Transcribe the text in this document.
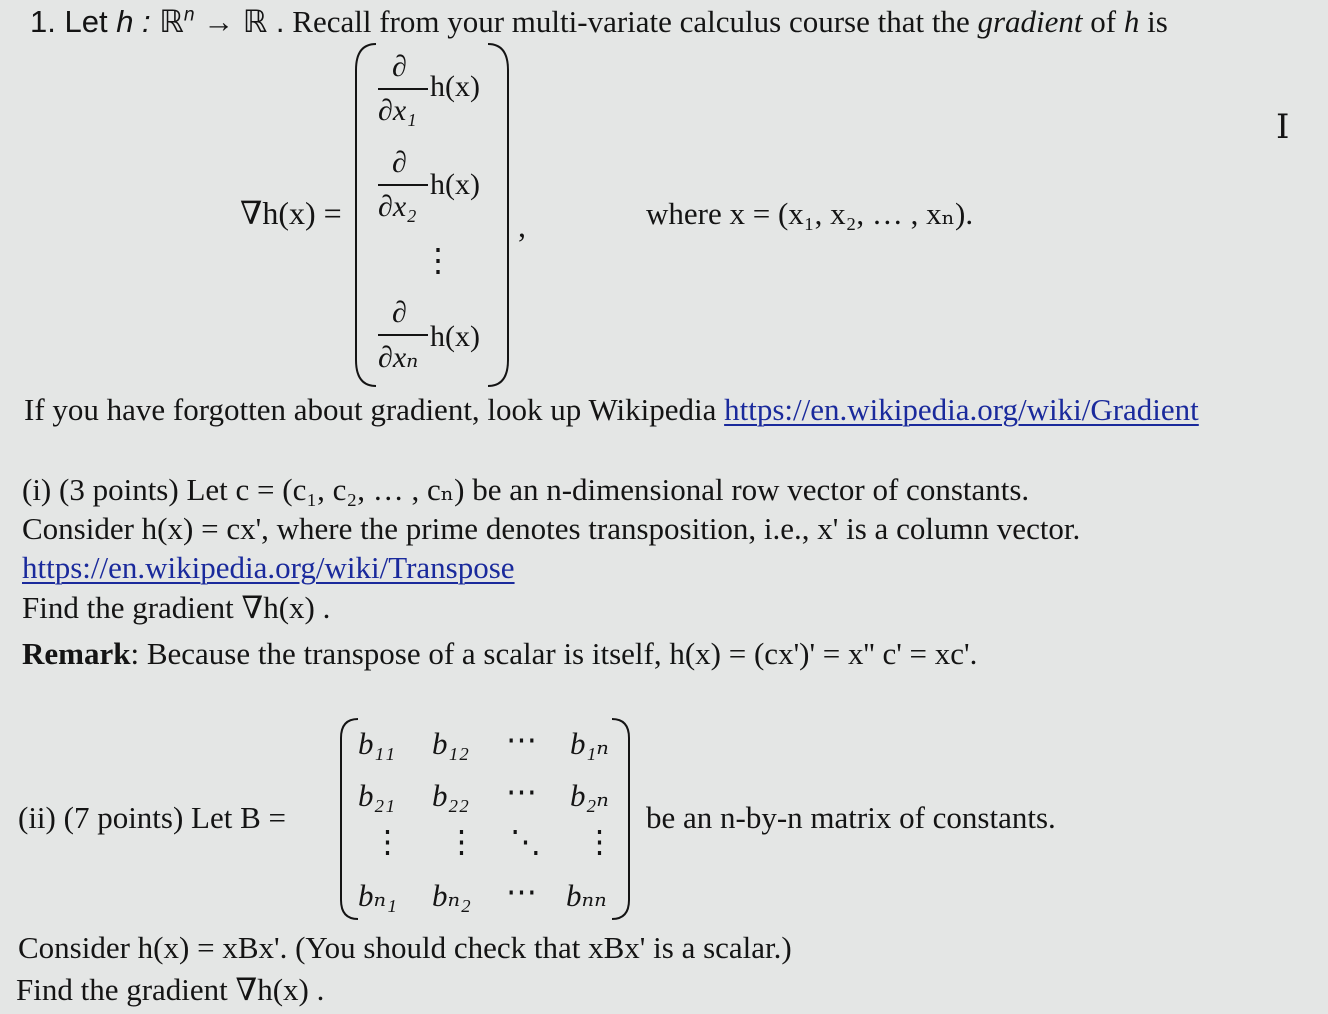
1. Let h : ℝ$^n$ → ℝ . Recall from your multi-variate calculus course that the gradient of h is
∇h(x) =
∂
∂x₁
h(x)
∂
∂x₂
h(x)
⋮
∂
∂xₙ
h(x)
,	where x = (x₁, x₂, … , xₙ).
I
If you have forgotten about gradient, look up Wikipedia https://en.wikipedia.org/wiki/Gradient
(i) (3 points) Let c = (c₁, c₂, … , cₙ) be an n-dimensional row vector of constants.
Consider h(x) = cx', where the prime denotes transposition, i.e., x' is a column vector.
https://en.wikipedia.org/wiki/Transpose
Find the gradient ∇h(x) .
Remark: Because the transpose of a scalar is itself, h(x) = (cx')' = x'' c' = xc'.
(ii) (7 points) Let B =
b₁₁ b₁₂ ⋯ b₁ₙ
b₂₁ b₂₂ ⋯ b₂ₙ
⋮ ⋮ ⋱ ⋮
bₙ₁ bₙ₂ ⋯ bₙₙ
be an n-by-n matrix of constants.
Consider h(x) = xBx'. (You should check that xBx' is a scalar.)
Find the gradient ∇h(x) .
